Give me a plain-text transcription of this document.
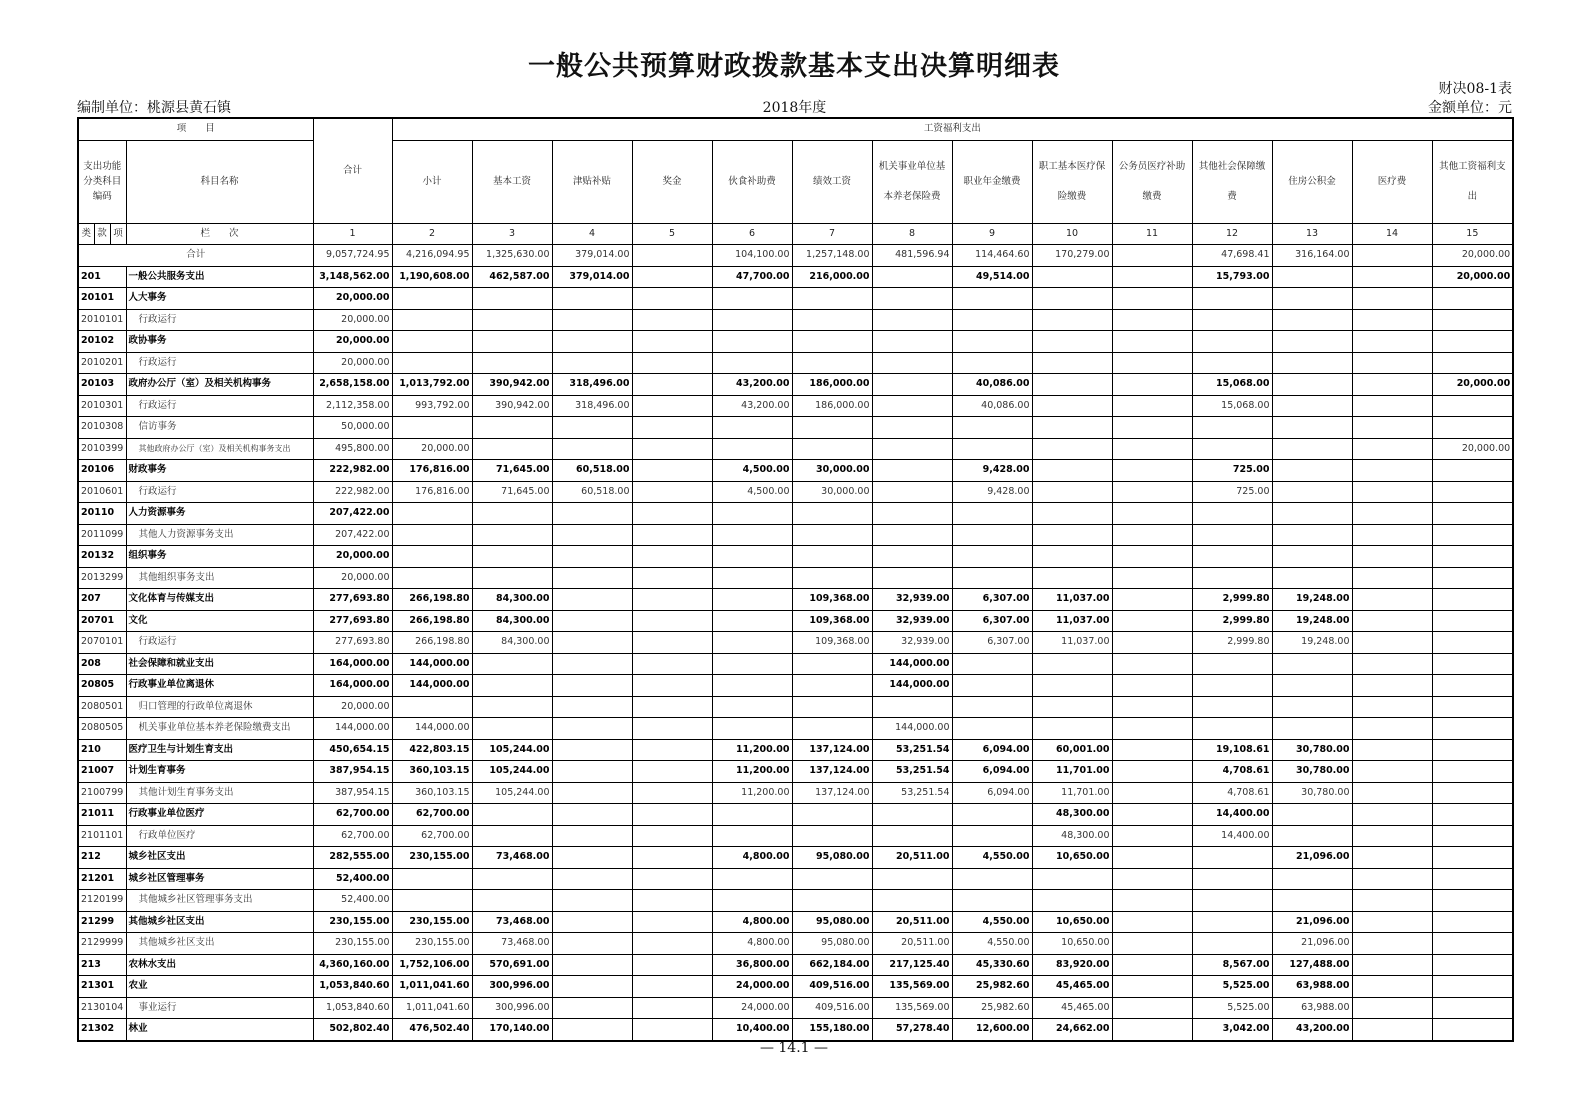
一般公共预算财政拨款基本支出决算明细表
财决08-1表
编制单位：桃源县黄石镇	2018年度	金额单位：元
项　　目				合计	工资福利支出													
支出功能分类科目编码			科目名称		小计	基本工资	津贴补贴	奖金	伙食补助费	绩效工资	机关事业单位基本养老保险费	职业年金缴费	职工基本医疗保险缴费	公务员医疗补助缴费	其他社会保障缴费	住房公积金	医疗费	其他工资福利支出
类	款	项	栏　　次	1	2	3	4	5	6	7	8	9	10	11	12	13	14	15
合计				9,057,724.95	4,216,094.95	1,325,630.00	379,014.00		104,100.00	1,257,148.00	481,596.94	114,464.60	170,279.00		47,698.41	316,164.00		20,000.00
201			一般公共服务支出	3,148,562.00	1,190,608.00	462,587.00	379,014.00		47,700.00	216,000.00		49,514.00			15,793.00			20,000.00
20101			人大事务	20,000.00														
2010101			行政运行	20,000.00														
20102			政协事务	20,000.00														
2010201			行政运行	20,000.00														
20103			政府办公厅（室）及相关机构事务	2,658,158.00	1,013,792.00	390,942.00	318,496.00		43,200.00	186,000.00		40,086.00			15,068.00			20,000.00
2010301			行政运行	2,112,358.00	993,792.00	390,942.00	318,496.00		43,200.00	186,000.00		40,086.00			15,068.00			
2010308			信访事务	50,000.00														
2010399			其他政府办公厅（室）及相关机构事务支出	495,800.00	20,000.00													20,000.00
20106			财政事务	222,982.00	176,816.00	71,645.00	60,518.00		4,500.00	30,000.00		9,428.00			725.00			
2010601			行政运行	222,982.00	176,816.00	71,645.00	60,518.00		4,500.00	30,000.00		9,428.00			725.00			
20110			人力资源事务	207,422.00														
2011099			其他人力资源事务支出	207,422.00														
20132			组织事务	20,000.00														
2013299			其他组织事务支出	20,000.00														
207			文化体育与传媒支出	277,693.80	266,198.80	84,300.00				109,368.00	32,939.00	6,307.00	11,037.00		2,999.80	19,248.00		
20701			文化	277,693.80	266,198.80	84,300.00				109,368.00	32,939.00	6,307.00	11,037.00		2,999.80	19,248.00		
2070101			行政运行	277,693.80	266,198.80	84,300.00				109,368.00	32,939.00	6,307.00	11,037.00		2,999.80	19,248.00		
208			社会保障和就业支出	164,000.00	144,000.00						144,000.00							
20805			行政事业单位离退休	164,000.00	144,000.00						144,000.00							
2080501			归口管理的行政单位离退休	20,000.00														
2080505			机关事业单位基本养老保险缴费支出	144,000.00	144,000.00						144,000.00							
210			医疗卫生与计划生育支出	450,654.15	422,803.15	105,244.00			11,200.00	137,124.00	53,251.54	6,094.00	60,001.00		19,108.61	30,780.00		
21007			计划生育事务	387,954.15	360,103.15	105,244.00			11,200.00	137,124.00	53,251.54	6,094.00	11,701.00		4,708.61	30,780.00		
2100799			其他计划生育事务支出	387,954.15	360,103.15	105,244.00			11,200.00	137,124.00	53,251.54	6,094.00	11,701.00		4,708.61	30,780.00		
21011			行政事业单位医疗	62,700.00	62,700.00								48,300.00		14,400.00			
2101101			行政单位医疗	62,700.00	62,700.00								48,300.00		14,400.00			
212			城乡社区支出	282,555.00	230,155.00	73,468.00			4,800.00	95,080.00	20,511.00	4,550.00	10,650.00			21,096.00		
21201			城乡社区管理事务	52,400.00														
2120199			其他城乡社区管理事务支出	52,400.00														
21299			其他城乡社区支出	230,155.00	230,155.00	73,468.00			4,800.00	95,080.00	20,511.00	4,550.00	10,650.00			21,096.00		
2129999			其他城乡社区支出	230,155.00	230,155.00	73,468.00			4,800.00	95,080.00	20,511.00	4,550.00	10,650.00			21,096.00		
213			农林水支出	4,360,160.00	1,752,106.00	570,691.00			36,800.00	662,184.00	217,125.40	45,330.60	83,920.00		8,567.00	127,488.00		
21301			农业	1,053,840.60	1,011,041.60	300,996.00			24,000.00	409,516.00	135,569.00	25,982.60	45,465.00		5,525.00	63,988.00		
2130104			事业运行	1,053,840.60	1,011,041.60	300,996.00			24,000.00	409,516.00	135,569.00	25,982.60	45,465.00		5,525.00	63,988.00		
21302			林业	502,802.40	476,502.40	170,140.00			10,400.00	155,180.00	57,278.40	12,600.00	24,662.00		3,042.00	43,200.00		
— 14.1 —
